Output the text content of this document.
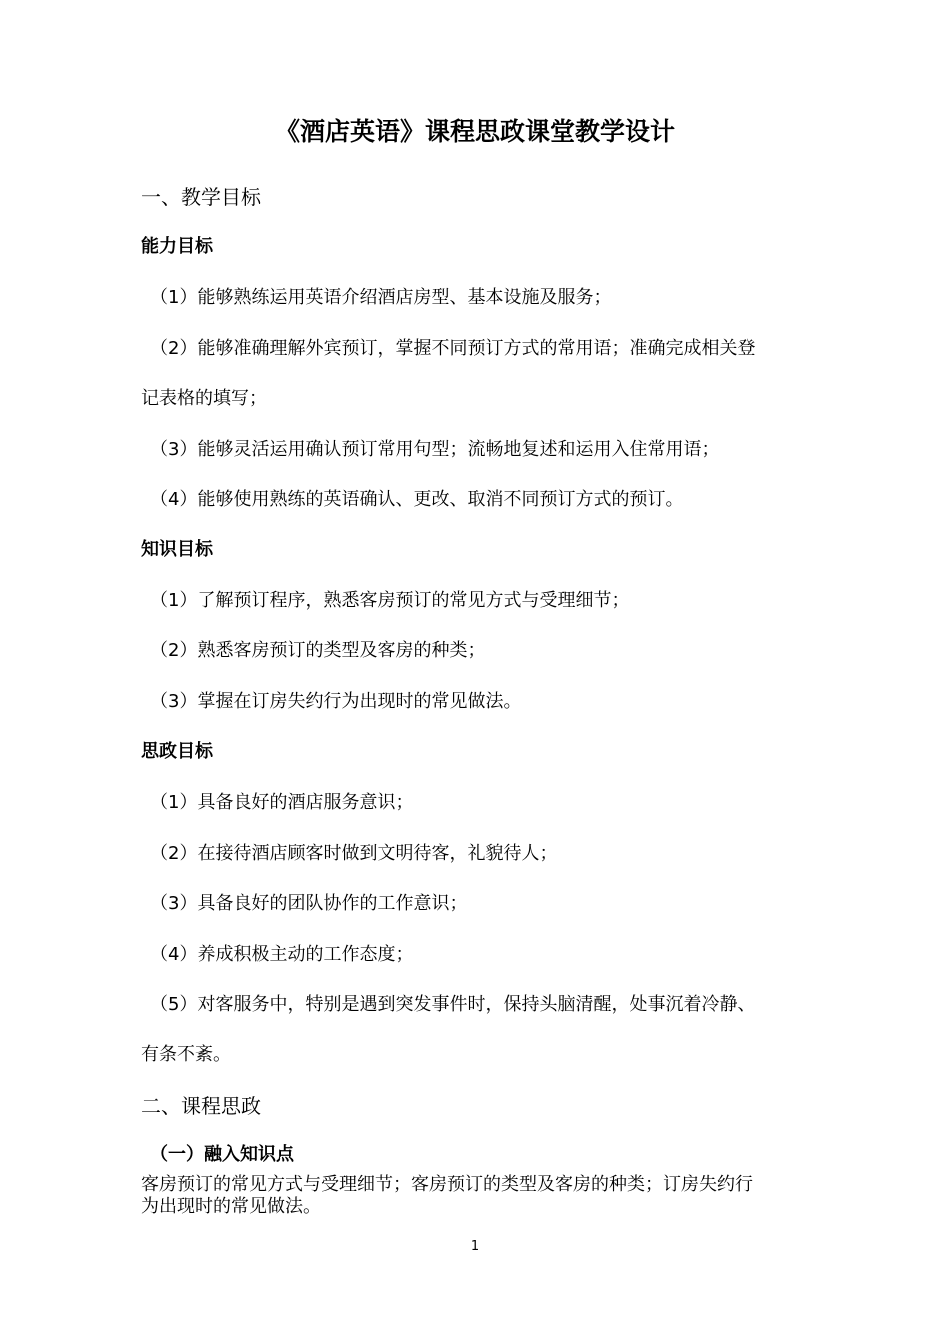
《酒店英语》课程思政课堂教学设计
一、教学目标
能力目标
（1）能够熟练运用英语介绍酒店房型、基本设施及服务；
（2）能够准确理解外宾预订，掌握不同预订方式的常用语；准确完成相关登
记表格的填写；
（3）能够灵活运用确认预订常用句型；流畅地复述和运用入住常用语；
（4）能够使用熟练的英语确认、更改、取消不同预订方式的预订。
知识目标
（1）了解预订程序，熟悉客房预订的常见方式与受理细节；
（2）熟悉客房预订的类型及客房的种类；
（3）掌握在订房失约行为出现时的常见做法。
思政目标
（1）具备良好的酒店服务意识；
（2）在接待酒店顾客时做到文明待客，礼貌待人；
（3）具备良好的团队协作的工作意识；
（4）养成积极主动的工作态度；
（5）对客服务中，特别是遇到突发事件时，保持头脑清醒，处事沉着冷静、
有条不紊。
二、课程思政
（一）融入知识点
客房预订的常见方式与受理细节；客房预订的类型及客房的种类；订房失约行
为出现时的常见做法。
1
